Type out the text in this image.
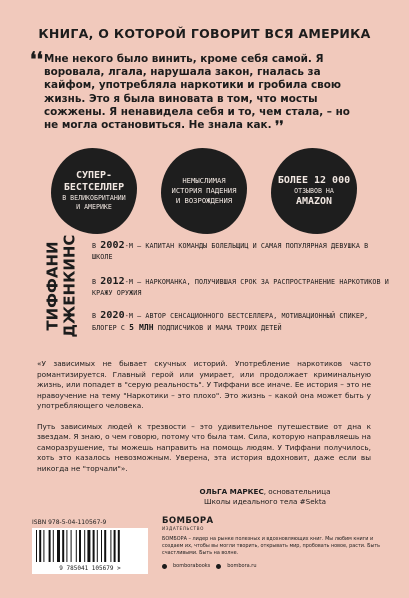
КНИГА, О КОТОРОЙ ГОВОРИТ ВСЯ АМЕРИКА
❛❛ Мне некого было винить, кроме себя самой. Я воровала, лгала, нарушала закон, гналась за кайфом, употребляла наркотики и гробила свою жизнь. Это я была виновата в том, что мосты сожжены. Я ненавидела себя и то, чем стала, – но не могла остановиться. Не знала как. ❜❜
СУПЕР-БЕСТСЕЛЛЕР
В ВЕЛИКОБРИТАНИИ И АМЕРИКЕ
НЕМЫСЛИМАЯ ИСТОРИЯ ПАДЕНИЯ И ВОЗРОЖДЕНИЯ
БОЛЕЕ 12 000
ОТЗЫВОВ НА
AMAZON
ТИФФАНИ ДЖЕНКИНС В 2002-М – КАПИТАН КОМАНДЫ БОЛЕЛЬЩИЦ И САМАЯ ПОПУЛЯРНАЯ ДЕВУШКА В ШКОЛЕ
В 2012-М – НАРКОМАНКА, ПОЛУЧИВШАЯ СРОК ЗА РАСПРОСТРАНЕНИЕ НАРКОТИКОВ И КРАЖУ ОРУЖИЯ
В 2020-М – АВТОР СЕНСАЦИОННОГО БЕСТСЕЛЛЕРА, МОТИВАЦИОННЫЙ СПИКЕР, БЛОГЕР С 5 МЛН ПОДПИСЧИКОВ И МАМА ТРОИХ ДЕТЕЙ

«У зависимых не бывает скучных историй. Употребление наркотиков часто романтизируется. Главный герой или умирает, или продолжает криминальную жизнь, или попадет в "серую реальность". У Тиффани все иначе. Ее история – это не нравоучение на тему "Наркотики – это плохо". Это жизнь – какой она может быть у употребляющего человека.

Путь зависимых людей к трезвости – это удивительное путешествие от дна к звездам. Я знаю, о чем говорю, потому что была там. Сила, которую направляешь на саморазрушение, ты можешь направить на помощь людям. У Тиффани получилось, хоть это казалось невозможным. Уверена, эта история вдохновит, даже если вы никогда не "торчали"».

ОЛЬГА МАРКЕС, основательница
Школы идеального тела #Sekta
ISBN 978-5-04-110567-9
9 785041 105679 >
БОМБОРА
ИЗДАТЕЛЬСТВО
БОМБОРА – лидер на рынке полезных и вдохновляющих книг. Мы любим книги и создаем их, чтобы вы могли творить, открывать мир, пробовать новое, расти. Быть счастливыми. Быть на волне.
bomborabooks	bombora.ru
